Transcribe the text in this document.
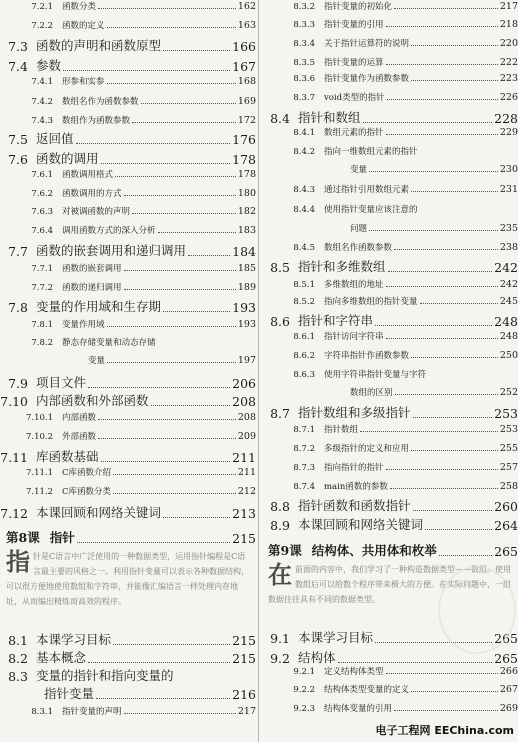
7.2.1	函数分类	162
7.2.2	函数的定义	163
7.3 函数的声明和函数原型	166
7.4 参数	167
7.4.1	形参和实参	168
7.4.2	数组名作为函数参数	169
7.4.3	数组作为函数参数	172
7.5 返回值	176
7.6 函数的调用	178
7.6.1	函数调用格式	178
7.6.2	函数调用的方式	180
7.6.3	对被调函数的声明	182
7.6.4	调用函数方式的深入分析	183
7.7 函数的嵌套调用和递归调用	184
7.7.1	函数的嵌套调用	185
7.7.2	函数的递归调用	189
7.8 变量的作用域和生存期	193
7.8.1	变量作用域	193
7.8.2	静态存储变量和动态存储
变量	197
7.9 项目文件	206
7.10 内部函数和外部函数	208
7.10.1	内部函数	208
7.10.2	外部函数	209
7.11 库函数基础	211
7.11.1	C库函数介绍	211
7.11.2	C库函数分类	212
7.12 本课回顾和网络关键词	213
第8课 指针	215
指针是C语言中广泛使用的一种数据类型，运用指针编程是C语言最主要的风格之一。利用指针变量可以表示各种数据结构，可以很方便地使用数组和字符串，并能像汇编语言一样处理内存地址，从而编出精炼而高效的程序。
8.1 本课学习目标	215
8.2 基本概念	215
8.3 变量的指针和指向变量的
指针变量	216
8.3.1	指针变量的声明	217
8.3.2	指针变量的初始化	217
8.3.3	指针变量的引用	218
8.3.4	关于指针运算符的说明	220
8.3.5	指针变量的运算	222
8.3.6	指针变量作为函数参数	223
8.3.7	void类型的指针	226
8.4 指针和数组	228
8.4.1	数组元素的指针	229
8.4.2	指向一维数组元素的指针
变量	230
8.4.3	通过指针引用数组元素	231
8.4.4	使用指针变量应该注意的
问题	235
8.4.5	数组名作函数参数	238
8.5 指针和多维数组	242
8.5.1	多维数组的地址	242
8.5.2	指向多维数组的指针变量	245
8.6 指针和字符串	248
8.6.1	指针访问字符串	248
8.6.2	字符串指针作函数参数	250
8.6.3	使用字符串指针变量与字符
数组的区别	252
8.7 指针数组和多级指针	253
8.7.1	指针数组	253
8.7.2	多级指针的定义和应用	255
8.7.3	指向指针的指针	257
8.7.4	main函数的参数	258
8.8 指针函数和函数指针	260
8.9 本课回顾和网络关键词	264
第9课 结构体、共用体和枚举	265
在前面的内容中，我们学习了一种构造数据类型——数组。使用数组后可以给数个程序带来极大的方便。在实际问题中，一组数据往往具有不同的数据类型。
9.1 本课学习目标	265
9.2 结构体	265
9.2.1	定义结构体类型	266
9.2.2	结构体类型变量的定义	267
9.2.3	结构体变量的引用	269
电子工程网 EEChina.com
